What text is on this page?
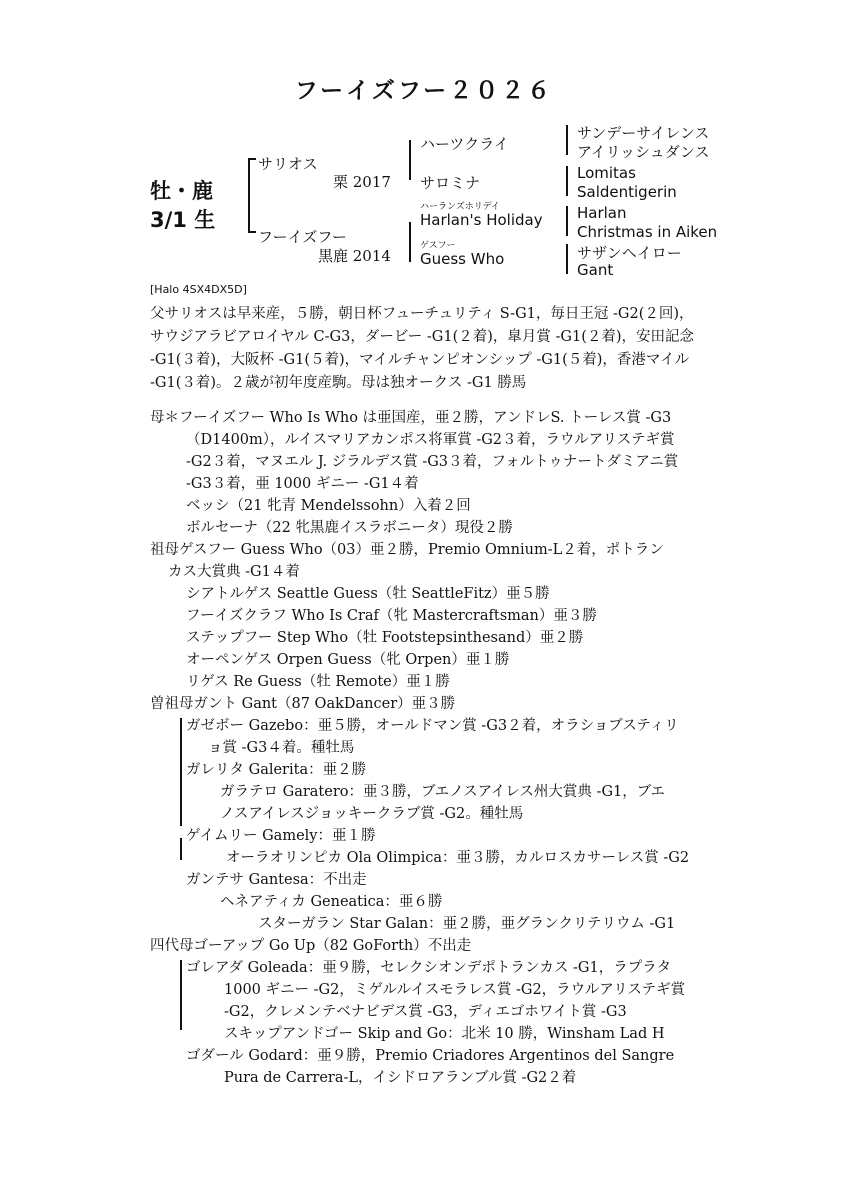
フーイズフー２０２６
牡・鹿
3/1 生
サリオス
栗 2017
フーイズフー
黒鹿 2014
ハーツクライ
サロミナ
ハーランズホリデイ
Harlan's Holiday
ゲスフー
Guess Who
サンデーサイレンス
アイリッシュダンス
Lomitas
Saldentigerin
Harlan
Christmas in Aiken
サザンヘイロー
Gant
[Halo 4SX4DX5D]
父サリオスは早来産，５勝，朝日杯フューチュリティ S-G1，毎日王冠 -G2(２回)，
サウジアラビアロイヤル C-G3，ダービー -G1(２着)，皐月賞 -G1(２着)，安田記念
-G1(３着)，大阪杯 -G1(５着)，マイルチャンピオンシップ -G1(５着)，香港マイル
-G1(３着)。２歳が初年度産駒。母は独オークス -G1 勝馬
母＊フーイズフー Who Is Who は亜国産，亜２勝，アンドレS. トーレス賞 -G3
（D1400m），ルイスマリアカンポス将軍賞 -G2３着，ラウルアリステギ賞
-G2３着，マヌエル J. ジラルデス賞 -G3３着，フォルトゥナートダミアニ賞
-G3３着，亜 1000 ギニー -G1４着
ベッシ（21 牝青 Mendelssohn）入着２回
ボルセーナ（22 牝黒鹿イスラボニータ）現役２勝
祖母ゲスフー Guess Who（03）亜２勝，Premio Omnium-L２着，ポトラン
カス大賞典 -G1４着
シアトルゲス Seattle Guess（牡 SeattleFitz）亜５勝
フーイズクラフ Who Is Craf（牝 Mastercraftsman）亜３勝
ステップフー Step Who（牡 Footstepsinthesand）亜２勝
オーペンゲス Orpen Guess（牝 Orpen）亜１勝
リゲス Re Guess（牡 Remote）亜１勝
曽祖母ガント Gant（87 OakDancer）亜３勝
ガゼボー Gazebo：亜５勝，オールドマン賞 -G3２着，オラショブスティリ
ョ賞 -G3４着。種牡馬
ガレリタ Galerita：亜２勝
ガラテロ Garatero：亜３勝，ブエノスアイレス州大賞典 -G1，ブエ
ノスアイレスジョッキークラブ賞 -G2。種牡馬
ゲイムリー Gamely：亜１勝
オーラオリンピカ Ola Olimpica：亜３勝，カルロスカサーレス賞 -G2
ガンテサ Gantesa：不出走
ヘネアティカ Geneatica：亜６勝
スターガラン Star Galan：亜２勝，亜グランクリテリウム -G1
四代母ゴーアップ Go Up（82 GoForth）不出走
ゴレアダ Goleada：亜９勝，セレクシオンデポトランカス -G1，ラプラタ
1000 ギニー -G2，ミゲルルイスモラレス賞 -G2，ラウルアリステギ賞
-G2，クレメンテベナビデス賞 -G3，ディエゴホワイト賞 -G3
スキップアンドゴー Skip and Go：北米 10 勝，Winsham Lad H
ゴダール Godard：亜９勝，Premio Criadores Argentinos del Sangre
Pura de Carrera-L，イシドロアランブル賞 -G2２着
